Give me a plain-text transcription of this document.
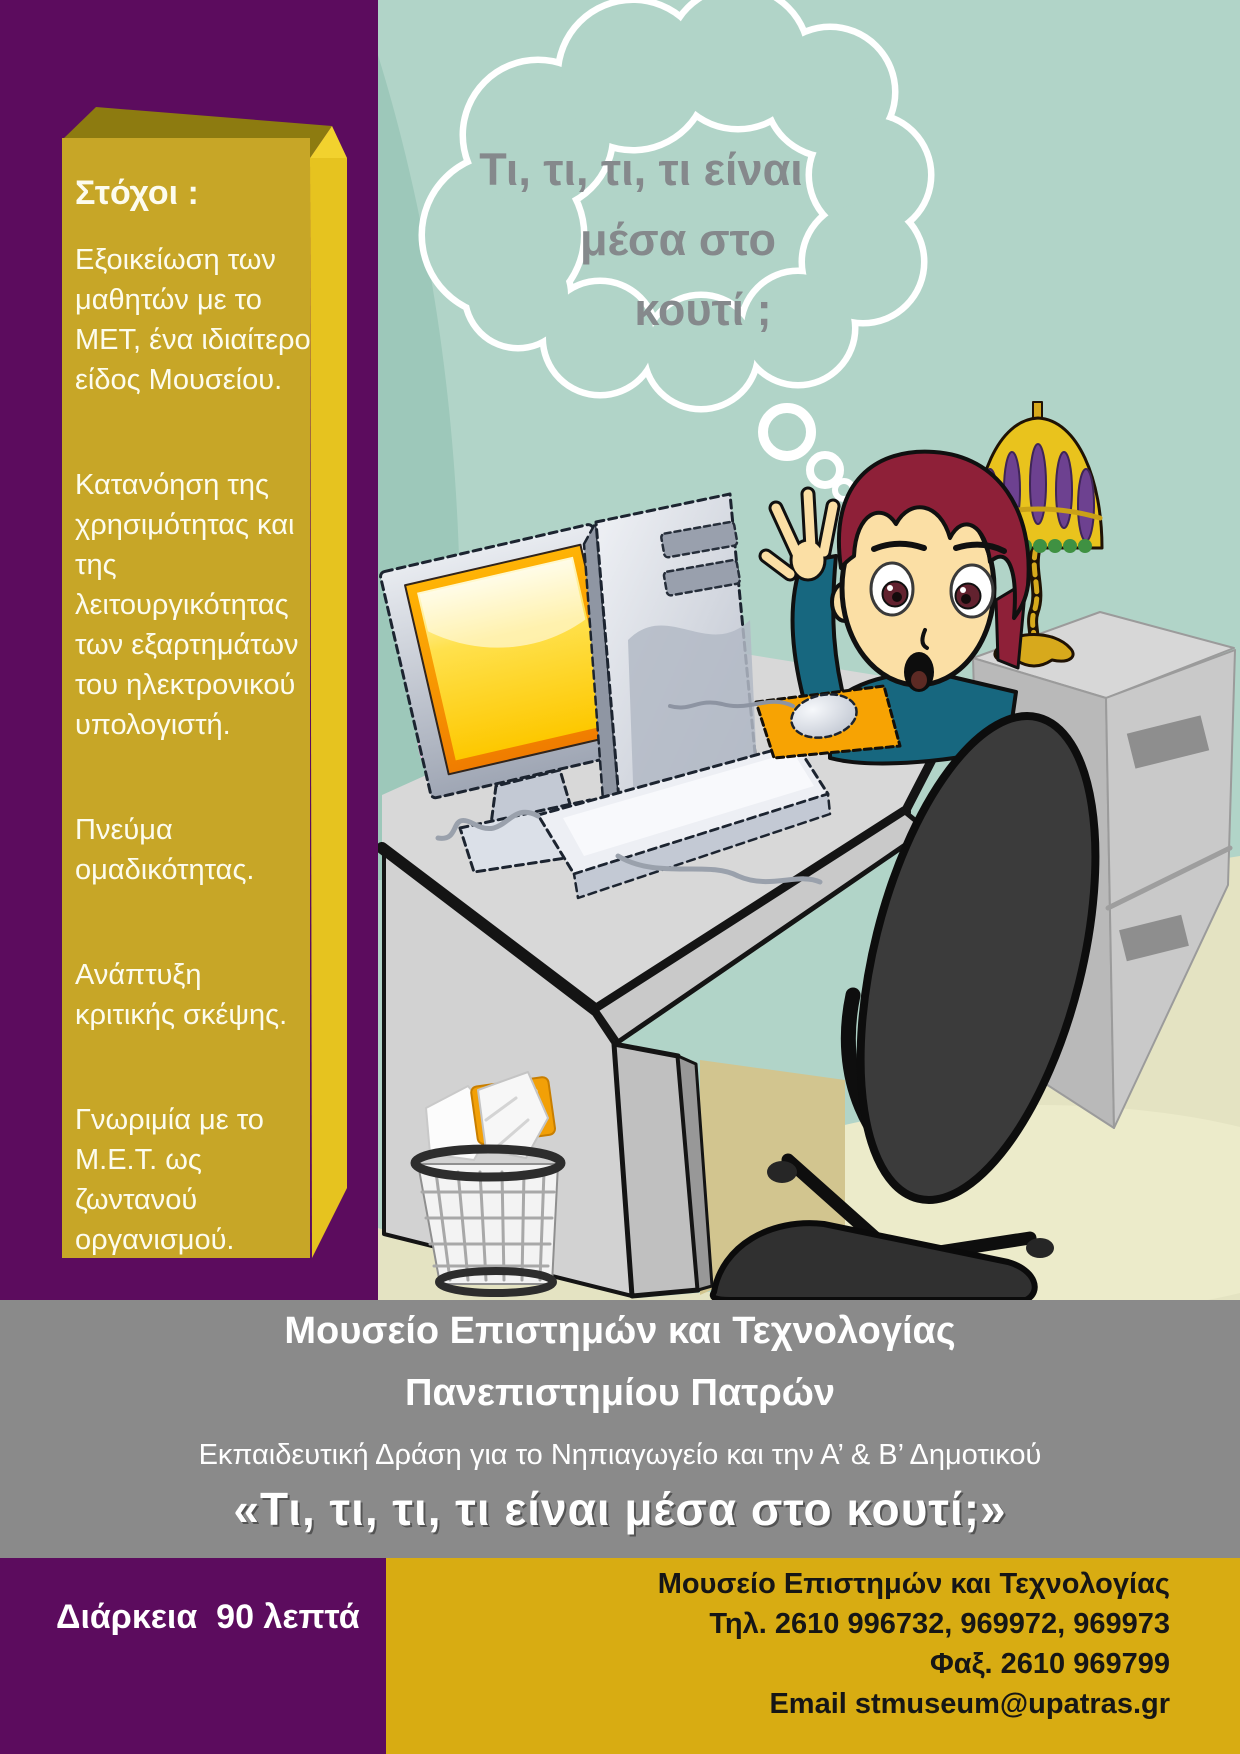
Στόχοι :
Εξοικείωση των
μαθητών με το
ΜΕΤ, ένα ιδιαίτερο
είδος Μουσείου.
Κατανόηση της
χρησιμότητας και
της
λειτουργικότητας
των εξαρτημάτων
του ηλεκτρονικού
υπολογιστή.
Πνεύμα
ομαδικότητας.
Ανάπτυξη
κριτικής σκέψης.
Γνωριμία με το
Μ.Ε.Τ. ως
ζωντανού
οργανισμού.
Τι, τι, τι, τι είναι
μέσα στο
κουτί ;
Μουσείο Επιστημών και Τεχνολογίας
Πανεπιστημίου Πατρών
Εκπαιδευτική Δράση για το Νηπιαγωγείο και την Α’ & Β’ Δημοτικού
«Τι, τι, τι, τι είναι μέσα στο κουτί;»
Διάρκεια  90 λεπτά
Μουσείο Επιστημών και Τεχνολογίας
Τηλ. 2610 996732, 969972, 969973
Φαξ. 2610 969799
Email stmuseum@upatras.gr
